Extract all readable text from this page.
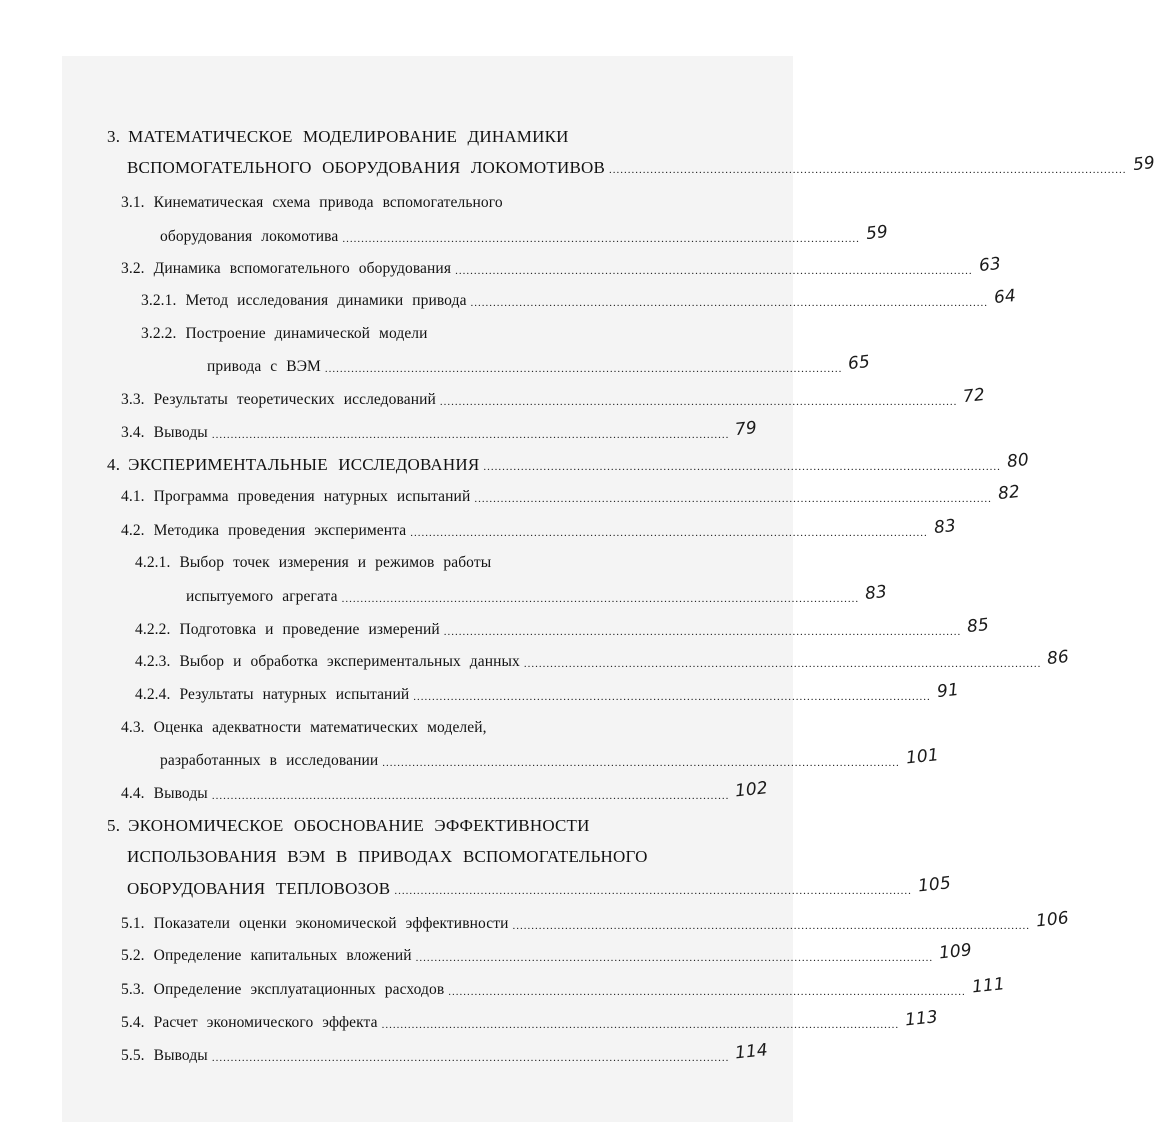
3. МАТЕМАТИЧЕСКОЕ МОДЕЛИРОВАНИЕ ДИНАМИКИ
ВСПОМОГАТЕЛЬНОГО ОБОРУДОВАНИЯ ЛОКОМОТИВОВ .......................................................................................................................................... 59
3.1. Кинематическая схема привода вспомогательного
оборудования локомотива .......................................................................................................................................... 59
3.2. Динамика вспомогательного оборудования .......................................................................................................................................... 63
3.2.1. Метод исследования динамики привода .......................................................................................................................................... 64
3.2.2. Построение динамической модели
привода с ВЭМ .......................................................................................................................................... 65
3.3. Результаты теоретических исследований .......................................................................................................................................... 72
3.4. Выводы .......................................................................................................................................... 79
4. ЭКСПЕРИМЕНТАЛЬНЫЕ ИССЛЕДОВАНИЯ .......................................................................................................................................... 80
4.1. Программа проведения натурных испытаний .......................................................................................................................................... 82
4.2. Методика проведения эксперимента .......................................................................................................................................... 83
4.2.1. Выбор точек измерения и режимов работы
испытуемого агрегата .......................................................................................................................................... 83
4.2.2. Подготовка и проведение измерений .......................................................................................................................................... 85
4.2.3. Выбор и обработка экспериментальных данных .......................................................................................................................................... 86
4.2.4. Результаты натурных испытаний .......................................................................................................................................... 91
4.3. Оценка адекватности математических моделей,
разработанных в исследовании .......................................................................................................................................... 101
4.4. Выводы .......................................................................................................................................... 102
5. ЭКОНОМИЧЕСКОЕ ОБОСНОВАНИЕ ЭФФЕКТИВНОСТИ
ИСПОЛЬЗОВАНИЯ ВЭМ В ПРИВОДАХ ВСПОМОГАТЕЛЬНОГО
ОБОРУДОВАНИЯ ТЕПЛОВОЗОВ .......................................................................................................................................... 105
5.1. Показатели оценки экономической эффективности .......................................................................................................................................... 106
5.2. Определение капитальных вложений .......................................................................................................................................... 109
5.3. Определение эксплуатационных расходов .......................................................................................................................................... 111
5.4. Расчет экономического эффекта .......................................................................................................................................... 113
5.5. Выводы .......................................................................................................................................... 114
